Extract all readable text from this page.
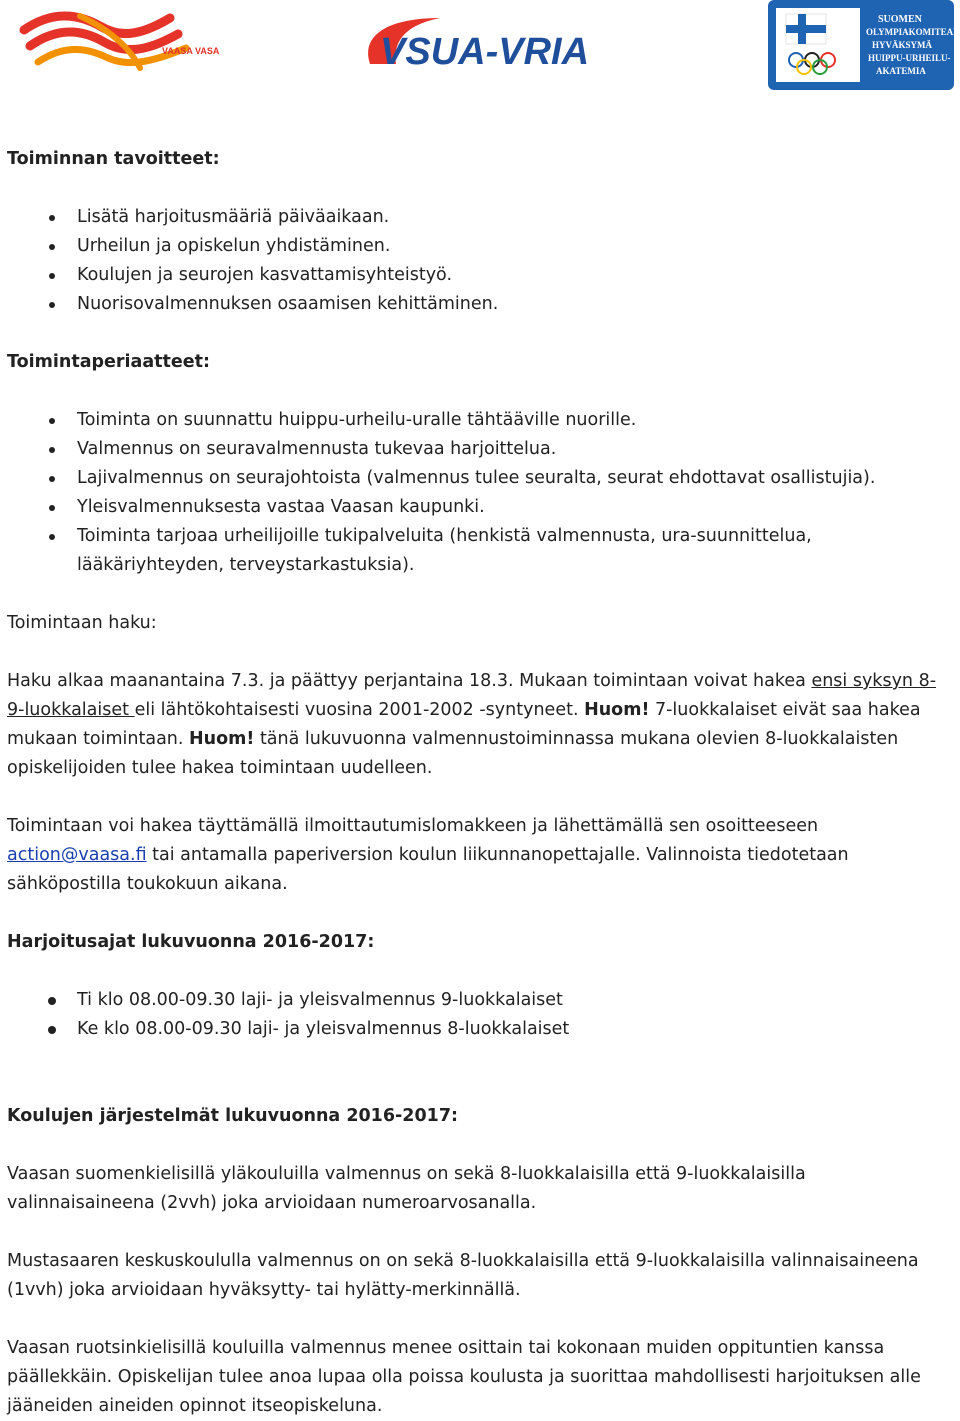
VAASA VASA	VSUA-VRIA
SUOMEN OLYMPIAKOMITEAN HYVÄKSYMÄ HUIPPU-URHEILU- AKATEMIA

Toiminnan tavoitteet:

Lisätä harjoitusmääriä päiväaikaan.
Urheilun ja opiskelun yhdistäminen.
Koulujen ja seurojen kasvattamisyhteistyö.
Nuorisovalmennuksen osaamisen kehittäminen.

Toimintaperiaatteet:

Toiminta on suunnattu huippu-urheilu-uralle tähtääville nuorille.
Valmennus on seuravalmennusta tukevaa harjoittelua.
Lajivalmennus on seurajohtoista (valmennus tulee seuralta, seurat ehdottavat osallistujia).
Yleisvalmennuksesta vastaa Vaasan kaupunki.
Toiminta tarjoaa urheilijoille tukipalveluita (henkistä valmennusta, ura-suunnittelua, lääkäriyhteyden, terveystarkastuksia).

Toimintaan haku:

Haku alkaa maanantaina 7.3. ja päättyy perjantaina 18.3. Mukaan toimintaan voivat hakea ensi syksyn 8-9-luokkalaiset eli lähtökohtaisesti vuosina 2001-2002 -syntyneet. Huom! 7-luokkalaiset eivät saa hakea mukaan toimintaan. Huom! tänä lukuvuonna valmennustoiminnassa mukana olevien 8-luokkalaisten opiskelijoiden tulee hakea toimintaan uudelleen.

Toimintaan voi hakea täyttämällä ilmoittautumislomakkeen ja lähettämällä sen osoitteeseen action@vaasa.fi tai antamalla paperiversion koulun liikunnanopettajalle. Valinnoista tiedotetaan sähköpostilla toukokuun aikana.

Harjoitusajat lukuvuonna 2016-2017:

Ti klo 08.00-09.30 laji- ja yleisvalmennus 9-luokkalaiset
Ke klo 08.00-09.30 laji- ja yleisvalmennus 8-luokkalaiset

Koulujen järjestelmät lukuvuonna 2016-2017:

Vaasan suomenkielisillä yläkouluilla valmennus on sekä 8-luokkalaisilla että 9-luokkalaisilla valinnaisaineena (2vvh) joka arvioidaan numeroarvosanalla.

Mustasaaren keskuskoululla valmennus on on sekä 8-luokkalaisilla että 9-luokkalaisilla valinnaisaineena (1vvh) joka arvioidaan hyväksytty- tai hylätty-merkinnällä.

Vaasan ruotsinkielisillä kouluilla valmennus menee osittain tai kokonaan muiden oppituntien kanssa päällekkäin. Opiskelijan tulee anoa lupaa olla poissa koulusta ja suorittaa mahdollisesti harjoituksen alle jääneiden aineiden opinnot itseopiskeluna.
